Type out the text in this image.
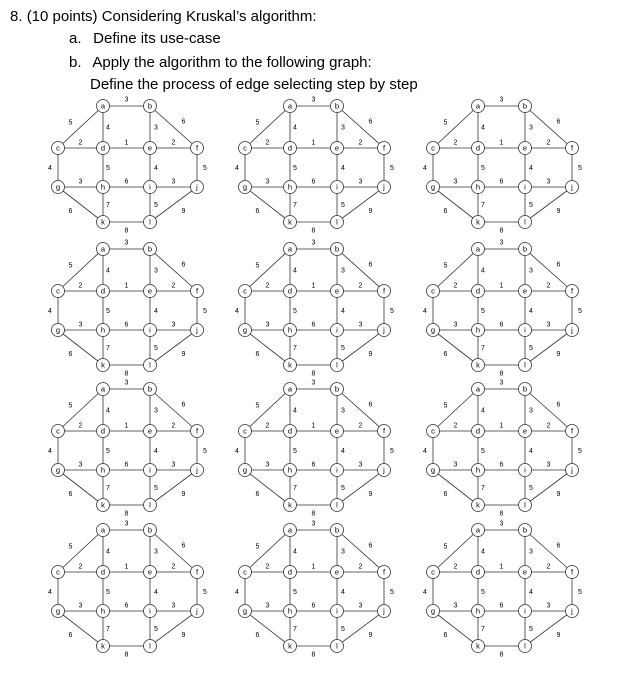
8. (10 points) Considering Kruskal’s algorithm:
a. Define its use-case
b. Apply the algorithm to the following graph:
Define the process of edge selecting step by step
3
5
4	3
6
2
4
1
5
2
4	5
3
6
6
7
3
5
9
8
a	b
c	d	e	f
g	h	i	j
k	l
3
5
4	3
6
2
4
1
5
2
4	5
3
6
6
7
3
5
9
8
a	b
c	d	e	f
g	h	i	j
k	l
3
5
4	3
6
2
4
1
5
2
4	5
3
6
6
7
3
5
9
8
a	b
c	d	e	f
g	h	i	j
k	l
3
5
4	3
6
2
4
1
5
2
4	5
3
6
6
7
3
5
9
8
a	b
c	d	e	f
g	h	i	j
k	l
3
5
4	3
6
2
4
1
5
2
4	5
3
6
6
7
3
5
9
8
a	b
c	d	e	f
g	h	i	j
k	l
3
5
4	3
6
2
4
1
5
2
4	5
3
6
6
7
3
5
9
8
a	b
c	d	e	f
g	h	i	j
k	l
3
5
4	3
6
2
4
1
5
2
4	5
3
6
6
7
3
5
9
8
a	b
c	d	e	f
g	h	i	j
k	l
3
5
4	3
6
2
4
1
5
2
4	5
3
6
6
7
3
5
9
8
a	b
c	d	e	f
g	h	i	j
k	l
3
5
4	3
6
2
4
1
5
2
4	5
3
6
6
7
3
5
9
8
a	b
c	d	e	f
g	h	i	j
k	l
3
5
4	3
6
2
4
1
5
2
4	5
3
6
6
7
3
5
9
8
a	b
c	d	e	f
g	h	i	j
k	l
3
5
4	3
6
2
4
1
5
2
4	5
3
6
6
7
3
5
9
8
a	b
c	d	e	f
g	h	i	j
k	l
3
5
4	3
6
2
4
1
5
2
4	5
3
6
6
7
3
5
9
8
a	b
c	d	e	f
g	h	i	j
k	l
